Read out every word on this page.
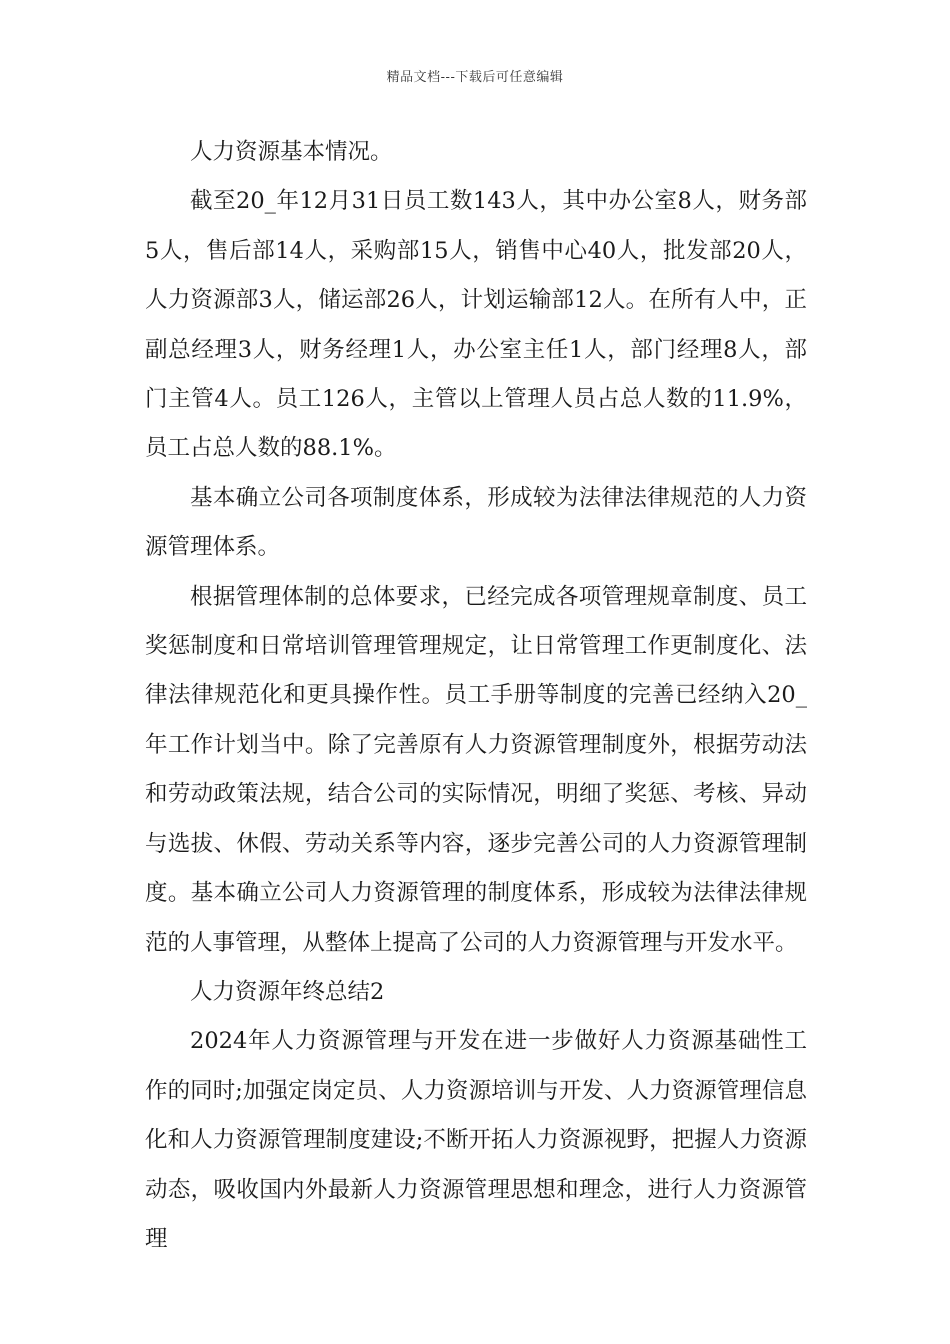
精品文档---下载后可任意编辑

人力资源基本情况。

截至20_年12月31日员工数143人，其中办公室8人，财务部5人，售后部14人，采购部15人，销售中心40人，批发部20人，人力资源部3人，储运部26人，计划运输部12人。在所有人中，正副总经理3人，财务经理1人，办公室主任1人，部门经理8人，部门主管4人。员工126人，主管以上管理人员占总人数的11.9%，员工占总人数的88.1%。

基本确立公司各项制度体系，形成较为法律法律规范的人力资源管理体系。

根据管理体制的总体要求，已经完成各项管理规章制度、员工奖惩制度和日常培训管理管理规定，让日常管理工作更制度化、法律法律规范化和更具操作性。员工手册等制度的完善已经纳入20_年工作计划当中。除了完善原有人力资源管理制度外，根据劳动法和劳动政策法规，结合公司的实际情况，明细了奖惩、考核、异动与选拔、休假、劳动关系等内容，逐步完善公司的人力资源管理制度。基本确立公司人力资源管理的制度体系，形成较为法律法律规范的人事管理，从整体上提高了公司的人力资源管理与开发水平。

人力资源年终总结2

2024年人力资源管理与开发在进一步做好人力资源基础性工作的同时;加强定岗定员、人力资源培训与开发、人力资源管理信息化和人力资源管理制度建设;不断开拓人力资源视野，把握人力资源动态，吸收国内外最新人力资源管理思想和理念，进行人力资源管理
